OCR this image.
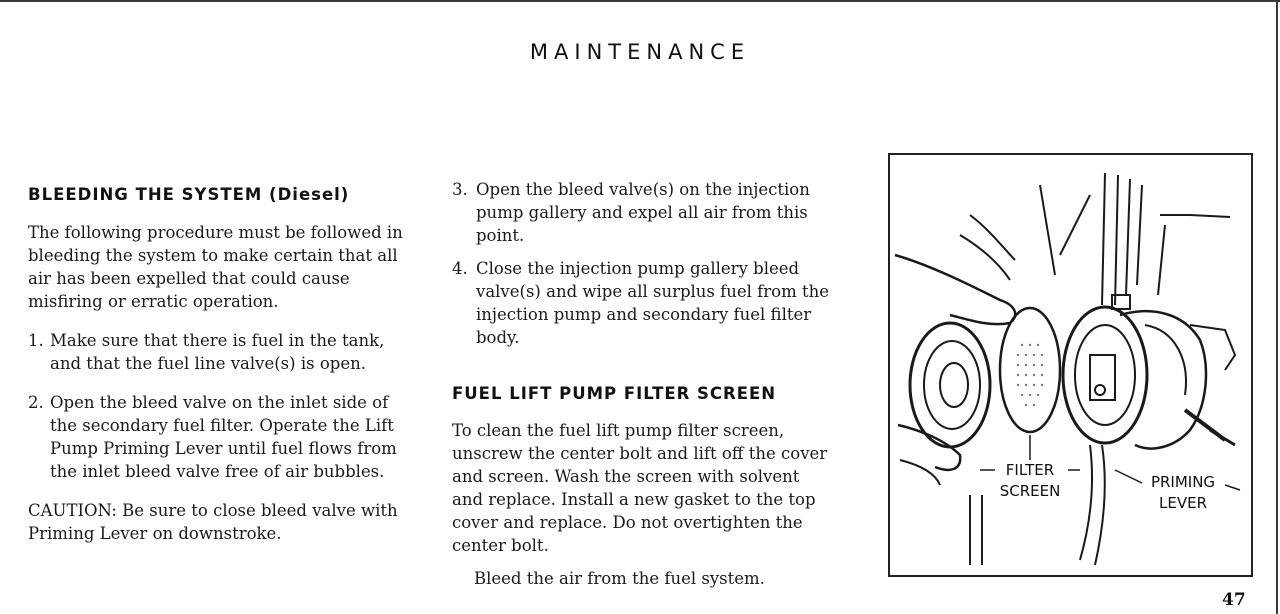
MAINTENANCE

BLEEDING THE SYSTEM (Diesel)

The following procedure must be followed in bleeding the system to make certain that all air has been expelled that could cause misfiring or erratic operation.

1. Make sure that there is fuel in the tank, and that the fuel line valve(s) is open.
2. Open the bleed valve on the inlet side of the secondary fuel filter. Operate the Lift Pump Priming Lever until fuel flows from the inlet bleed valve free of air bubbles.

CAUTION: Be sure to close bleed valve with Priming Lever on downstroke.

3. Open the bleed valve(s) on the injection pump gallery and expel all air from this point.
4. Close the injection pump gallery bleed valve(s) and wipe all surplus fuel from the injection pump and secondary fuel filter body.

FUEL LIFT PUMP FILTER SCREEN

To clean the fuel lift pump filter screen, unscrew the center bolt and lift off the cover and screen. Wash the screen with solvent and replace. Install a new gasket to the top cover and replace. Do not overtighten the center bolt.

Bleed the air from the fuel system.

FILTER
SCREEN	PRIMING
LEVER
47
